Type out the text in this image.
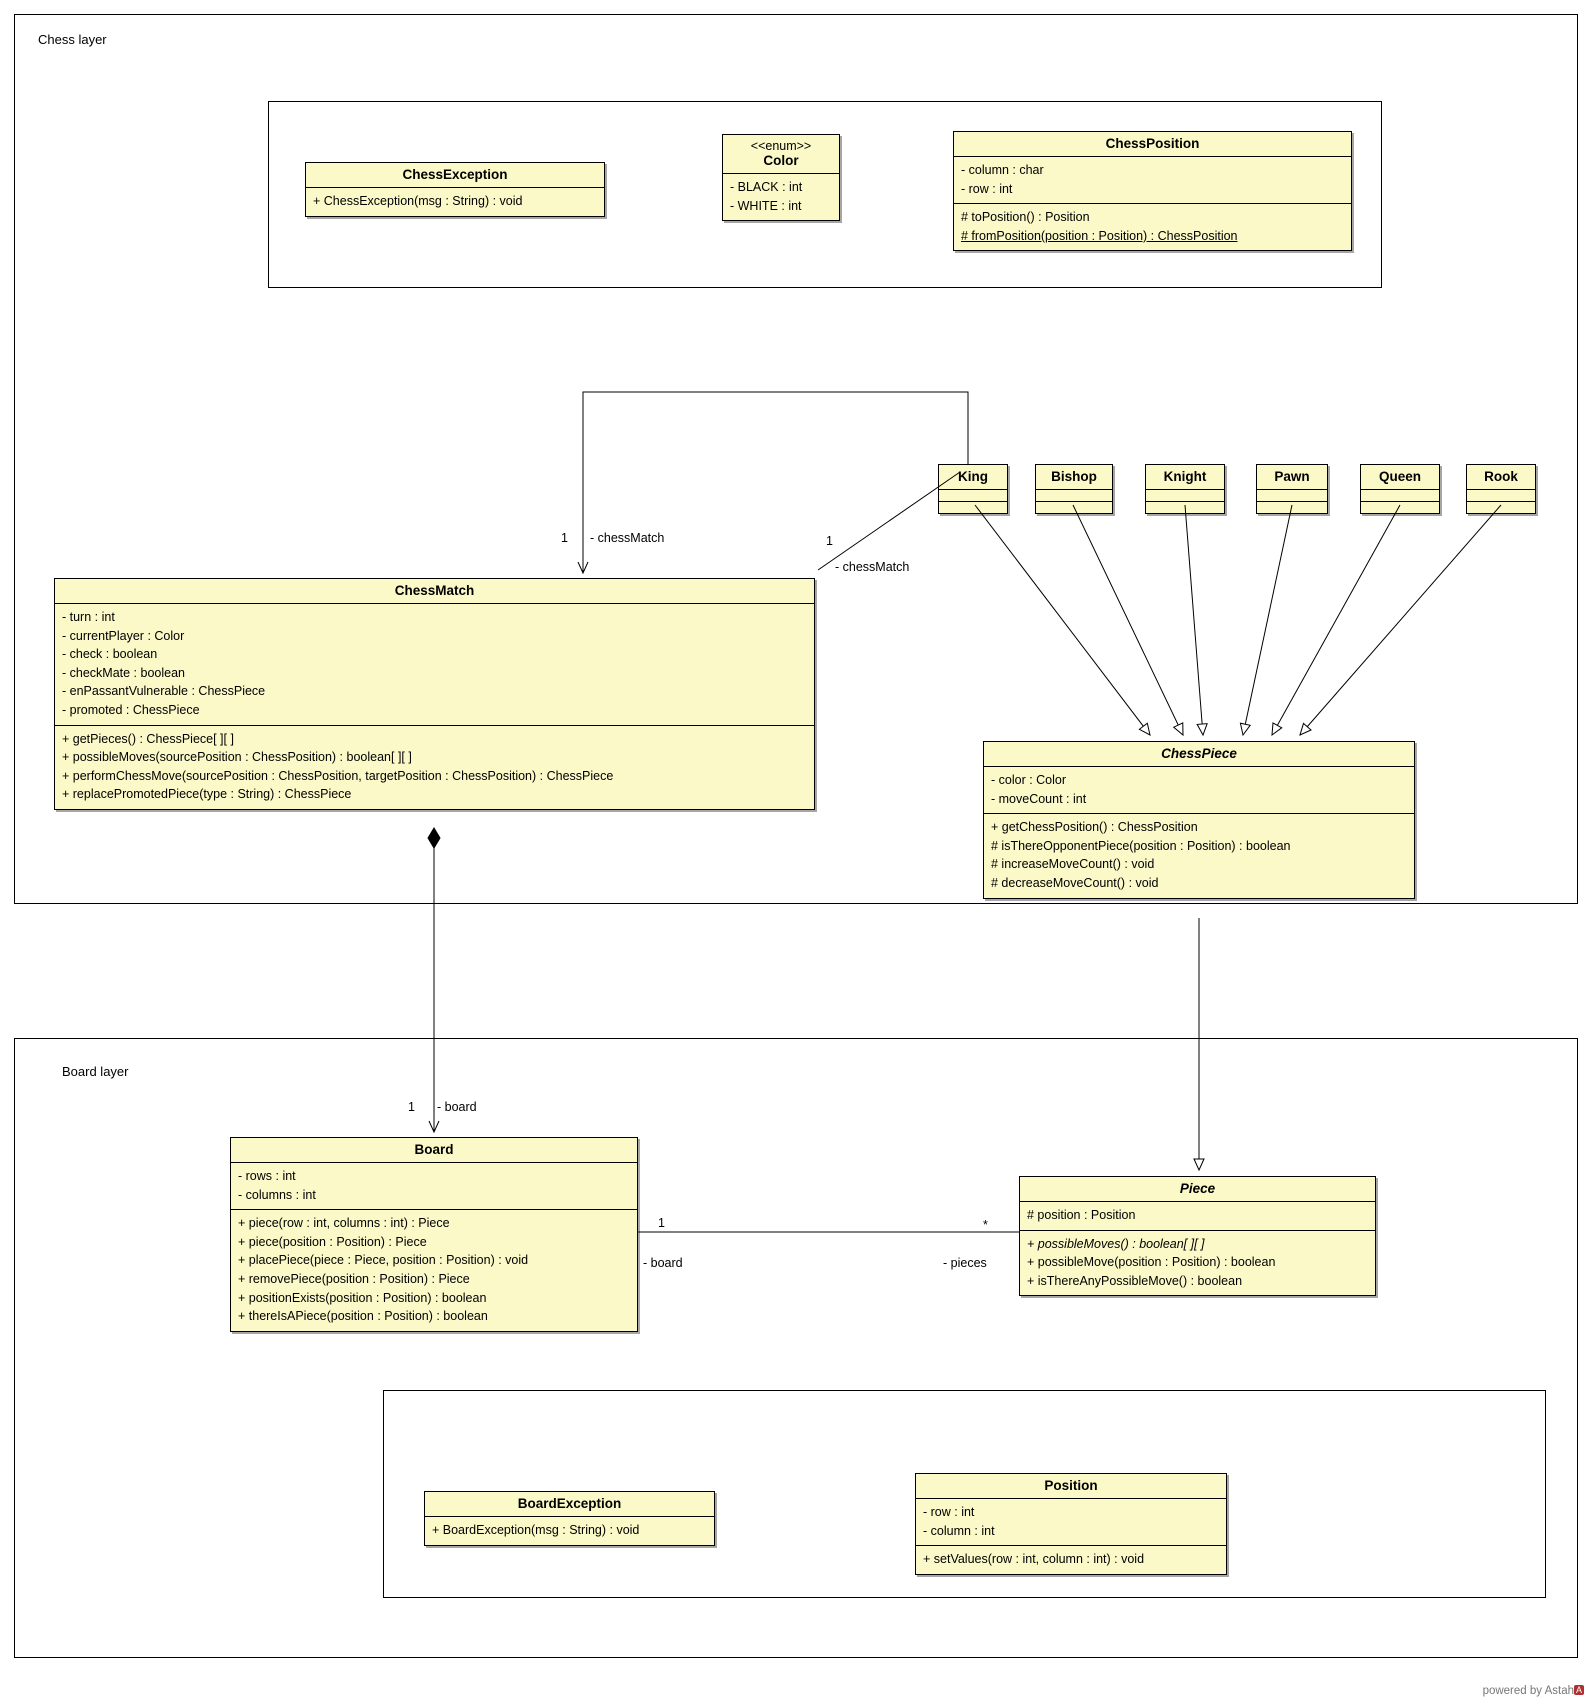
Chess layer
ChessException
+ ChessException(msg : String) : void
<<enum>>
Color
- BLACK : int
- WHITE : int
ChessPosition
- column : char
- row : int
# toPosition() : Position
# fromPosition(position : Position) : ChessPosition
King	Bishop	Knight	Pawn	Queen	Rook
ChessMatch
- turn : int
- currentPlayer : Color
- check : boolean
- checkMate : boolean
- enPassantVulnerable : ChessPiece
- promoted : ChessPiece
+ getPieces() : ChessPiece[ ][ ]
+ possibleMoves(sourcePosition : ChessPosition) : boolean[ ][ ]
+ performChessMove(sourcePosition : ChessPosition, targetPosition : ChessPosition) : ChessPiece
+ replacePromotedPiece(type : String) : ChessPiece
ChessPiece
- color : Color
- moveCount : int
+ getChessPosition() : ChessPosition
# isThereOpponentPiece(position : Position) : boolean
# increaseMoveCount() : void
# decreaseMoveCount() : void
Board layer
Board
- rows : int
- columns : int
+ piece(row : int, columns : int) : Piece
+ piece(position : Position) : Piece
+ placePiece(piece : Piece, position : Position) : void
+ removePiece(position : Position) : Piece
+ positionExists(position : Position) : boolean
+ thereIsAPiece(position : Position) : boolean
Piece
# position : Position
+ possibleMoves() : boolean[ ][ ]
+ possibleMove(position : Position) : boolean
+ isThereAnyPossibleMove() : boolean
BoardException
+ BoardException(msg : String) : void
Position
- row : int
- column : int
+ setValues(row : int, column : int) : void
1 - chessMatch	1
- chessMatch
1 - board
1
- board
*
- pieces
powered by Astah A
